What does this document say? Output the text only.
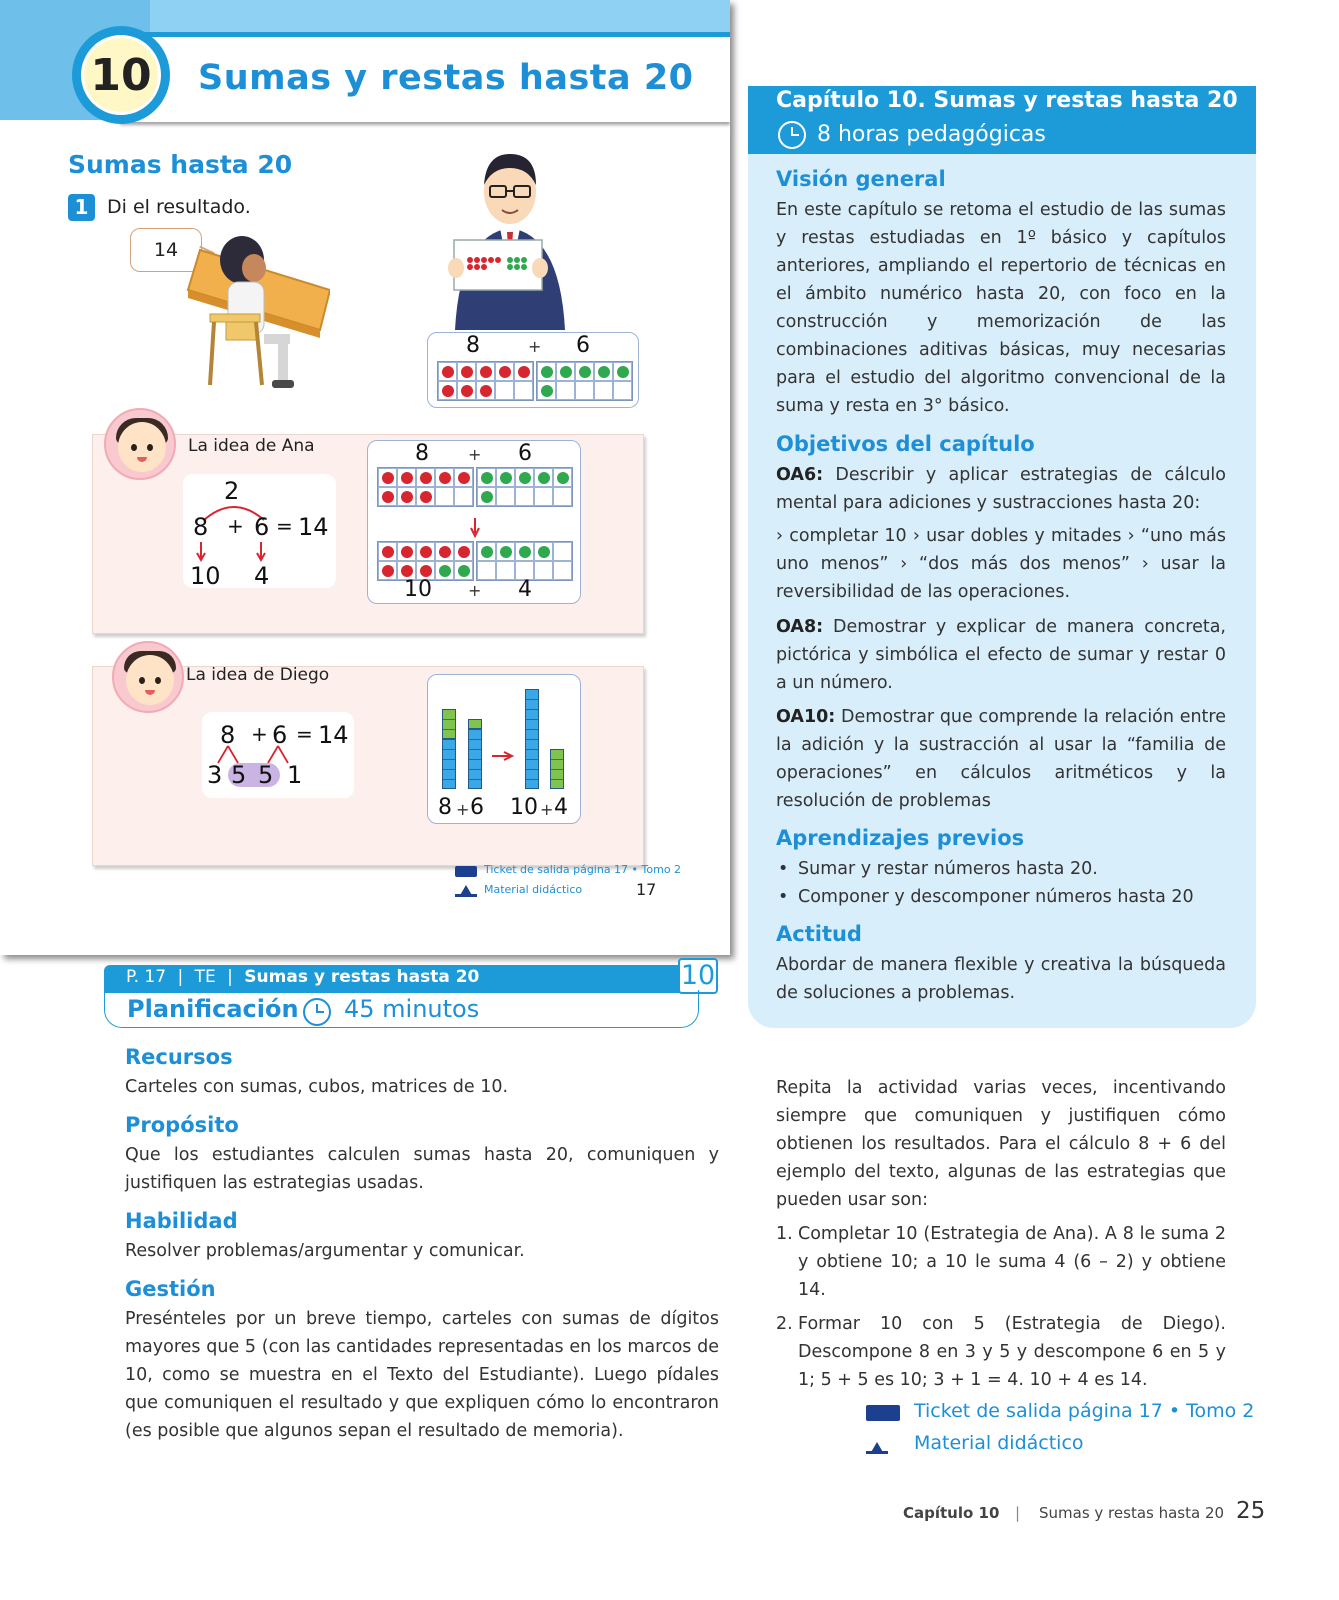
10 Sumas y restas hasta 20
Sumas hasta 20
1 Di el resultado.
14
8	+ 6
La idea de Ana
2
8 + 6 = 14
10 4
8 + 6
10 + 4
La idea de Diego
8 + 6 = 14
3 5 5 1
8 + 6 10 + 4
Ticket de salida página 17 • Tomo 2
Material didáctico	17
Capítulo 10. Sumas y restas hasta 20
8 horas pedagógicas
Visión general
En este capítulo se retoma el estudio de las sumas y restas estudiadas en 1º básico y capítulos anteriores, ampliando el repertorio de técnicas en el ámbito numérico hasta 20, con foco en la construcción y memorización de las combinaciones aditivas básicas, muy necesarias para el estudio del algoritmo convencional de la suma y resta en 3° básico.
Objetivos del capítulo
OA6: Describir y aplicar estrategias de cálculo mental para adiciones y sustracciones hasta 20:
› completar 10 › usar dobles y mitades › “uno más uno menos” › “dos más dos menos” › usar la reversibilidad de las operaciones.
OA8: Demostrar y explicar de manera concreta, pictórica y simbólica el efecto de sumar y restar 0 a un número.
OA10: Demostrar que comprende la relación entre la adición y la sustracción al usar la “familia de operaciones” en cálculos aritméticos y la resolución de problemas
Aprendizajes previos
• Sumar y restar números hasta 20.
• Componer y descomponer números hasta 20
Actitud
Abordar de manera flexible y creativa la búsqueda de soluciones a problemas.
P. 17 | TE | Sumas y restas hasta 20	10
Planificación 45 minutos
Recursos
Carteles con sumas, cubos, matrices de 10.
Propósito
Que los estudiantes calculen sumas hasta 20, comuniquen y justifiquen las estrategias usadas.
Habilidad
Resolver problemas/argumentar y comunicar.
Gestión
Presénteles por un breve tiempo, carteles con sumas de dígitos mayores que 5 (con las cantidades representadas en los marcos de 10, como se muestra en el Texto del Estudiante). Luego pídales que comuniquen el resultado y que expliquen cómo lo encontraron (es posible que algunos sepan el resultado de memoria).
Repita la actividad varias veces, incentivando siempre que comuniquen y justifiquen cómo obtienen los resultados. Para el cálculo 8 + 6 del ejemplo del texto, algunas de las estrategias que pueden usar son:
1. Completar 10 (Estrategia de Ana). A 8 le suma 2 y obtiene 10; a 10 le suma 4 (6 – 2) y obtiene 14.
2. Formar 10 con 5 (Estrategia de Diego). Descompone 8 en 3 y 5 y descompone 6 en 5 y 1; 5 + 5 es 10; 3 + 1 = 4. 10 + 4 es 14.
Ticket de salida página 17 • Tomo 2
Material didáctico
Capítulo 10 | Sumas y restas hasta 20 25
